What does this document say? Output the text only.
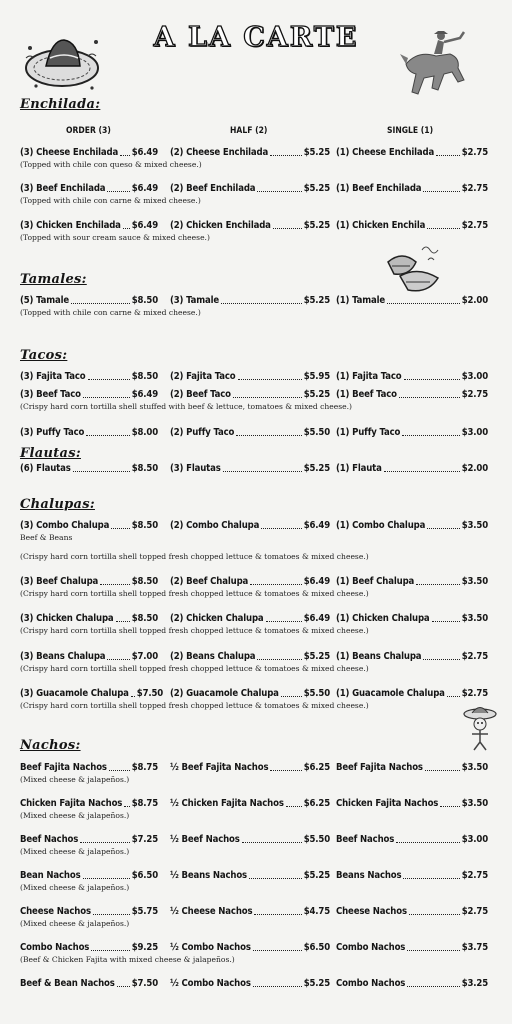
A LA CARTE
ORDER (3)	HALF (2)	SINGLE (1)
Enchilada:
(3) Cheese Enchilada $6.49 (2) Cheese Enchilada	$5.25 (1) Cheese Enchilada	$2.75
(Topped with chile con queso & mixed cheese.)
(3) Beef Enchilada	$6.49 (2) Beef Enchilada	$5.25 (1) Beef Enchilada	$2.75
(Topped with chile con carne & mixed cheese.)
(3) Chicken Enchilada $6.49 (2) Chicken Enchilada	$5.25 (1) Chicken Enchila	$2.75
(Topped with sour cream sauce & mixed cheese.)
Tamales:
(5) Tamale	$8.50 (3) Tamale	$5.25 (1) Tamale	$2.00
(Topped with chile con carne & mixed cheese.)
Tacos:
(3) Fajita Taco	$8.50 (2) Fajita Taco	$5.95 (1) Fajita Taco	$3.00
(3) Beef Taco	$6.49 (2) Beef Taco	$5.25 (1) Beef Taco	$2.75
(Crispy hard corn tortilla shell stuffed with beef & lettuce, tomatoes & mixed cheese.)
(3) Puffy Taco	$8.00 (2) Puffy Taco	$5.50 (1) Puffy Taco	$3.00
Flautas:
(6) Flautas	$8.50 (3) Flautas	$5.25 (1) Flauta	$2.00
Chalupas:
(3) Combo Chalupa $8.50 (2) Combo Chalupa	$6.49 (1) Combo Chalupa	$3.50
Beef & Beans
(Crispy hard corn tortilla shell topped fresh chopped lettuce & tomatoes & mixed cheese.)
(3) Beef Chalupa	$8.50 (2) Beef Chalupa	$6.49 (1) Beef Chalupa	$3.50
(Crispy hard corn tortilla shell topped fresh chopped lettuce & tomatoes & mixed cheese.)
(3) Chicken Chalupa $8.50 (2) Chicken Chalupa	$6.49 (1) Chicken Chalupa	$3.50
(Crispy hard corn tortilla shell topped fresh chopped lettuce & tomatoes & mixed cheese.)
(3) Beans Chalupa	$7.00 (2) Beans Chalupa	$5.25 (1) Beans Chalupa	$2.75
(Crispy hard corn tortilla shell topped fresh chopped lettuce & tomatoes & mixed cheese.)
(3) Guacamole Chalupa $7.50 (2) Guacamole Chalupa	$5.50 (1) Guacamole Chalupa $2.75
(Crispy hard corn tortilla shell topped fresh chopped lettuce & tomatoes & mixed cheese.)
Nachos:
Beef Fajita Nachos	$8.75 ½ Beef Fajita Nachos	$6.25 Beef Fajita Nachos	$3.50
(Mixed cheese & jalapeños.)
Chicken Fajita Nachos $8.75 ½ Chicken Fajita Nachos $6.25 Chicken Fajita Nachos $3.50
(Mixed cheese & jalapeños.)
Beef Nachos	$7.25 ½ Beef Nachos	$5.50 Beef Nachos	$3.00
(Mixed cheese & jalapeños.)
Bean Nachos	$6.50 ½ Beans Nachos	$5.25 Beans Nachos	$2.75
(Mixed cheese & jalapeños.)
Cheese Nachos	$5.75 ½ Cheese Nachos	$4.75 Cheese Nachos	$2.75
(Mixed cheese & jalapeños.)
Combo Nachos	$9.25 ½ Combo Nachos	$6.50 Combo Nachos	$3.75
(Beef & Chicken Fajita with mixed cheese & jalapeños.)
Beef & Bean Nachos $7.50 ½ Combo Nachos	$5.25 Combo Nachos	$3.25
